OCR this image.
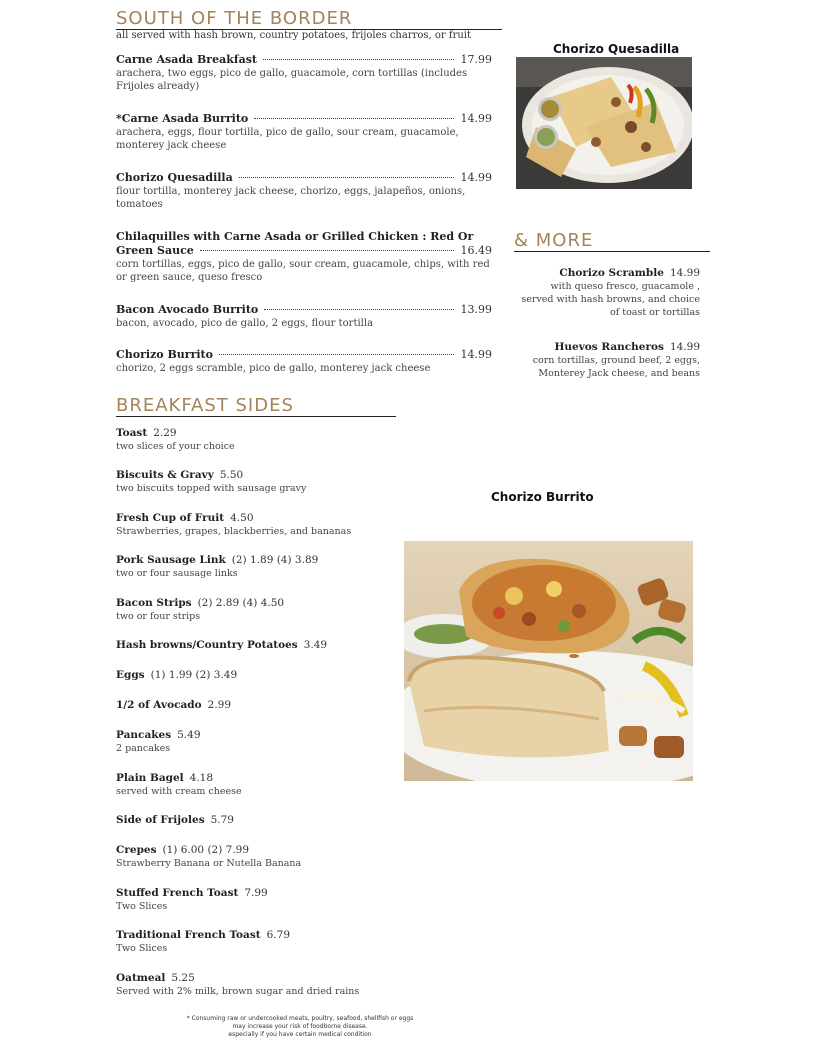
SOUTH OF THE BORDER
all served with hash brown, country potatoes, frijoles charros, or fruit
Carne Asada Breakfast	17.99
arachera, two eggs, pico de gallo, guacamole, corn tortillas (includes Frijoles already)
*Carne Asada Burrito	14.99
arachera, eggs, flour tortilla, pico de gallo, sour cream, guacamole, monterey jack cheese
Chorizo Quesadilla	14.99
flour tortilla, monterey jack cheese, chorizo, eggs, jalapeños, onions, tomatoes
Chilaquilles with Carne Asada or Grilled Chicken : Red Or
Green Sauce	16.49
corn tortillas, eggs, pico de gallo, sour cream, guacamole, chips, with red or green sauce, queso fresco
Bacon Avocado Burrito	13.99
bacon, avocado, pico de gallo, 2 eggs, flour tortilla
Chorizo Burrito	14.99
chorizo, 2 eggs scramble, pico de gallo, monterey jack cheese
Chorizo Quesadilla
& MORE
Chorizo Scramble 14.99
with queso fresco, guacamole , served with hash browns, and choice of toast or tortillas
Huevos Rancheros 14.99
corn tortillas, ground beef, 2 eggs, Monterey Jack cheese, and beans
BREAKFAST SIDES
Toast 2.29
two slices of your choice
Biscuits & Gravy 5.50
two biscuits topped with sausage gravy
Fresh Cup of Fruit 4.50
Strawberries, grapes, blackberries, and bananas
Pork Sausage Link (2) 1.89 (4) 3.89
two or four sausage links
Bacon Strips (2) 2.89 (4) 4.50
two or four strips
Hash browns/Country Potatoes 3.49
Eggs (1) 1.99 (2) 3.49
1/2 of Avocado 2.99
Pancakes 5.49
2 pancakes
Plain Bagel 4.18
served with cream cheese
Side of Frijoles 5.79
Crepes (1) 6.00 (2) 7.99
Strawberry Banana or Nutella Banana
Stuffed French Toast 7.99
Two Slices
Traditional French Toast 6.79
Two Slices
Oatmeal 5.25
Served with 2% milk, brown sugar and dried rains
Chorizo Burrito
* Consuming raw or undercooked meats, poultry, seafood, shellfish or eggs
may increase your risk of foodborne disease.
especially if you have certain medical condition
